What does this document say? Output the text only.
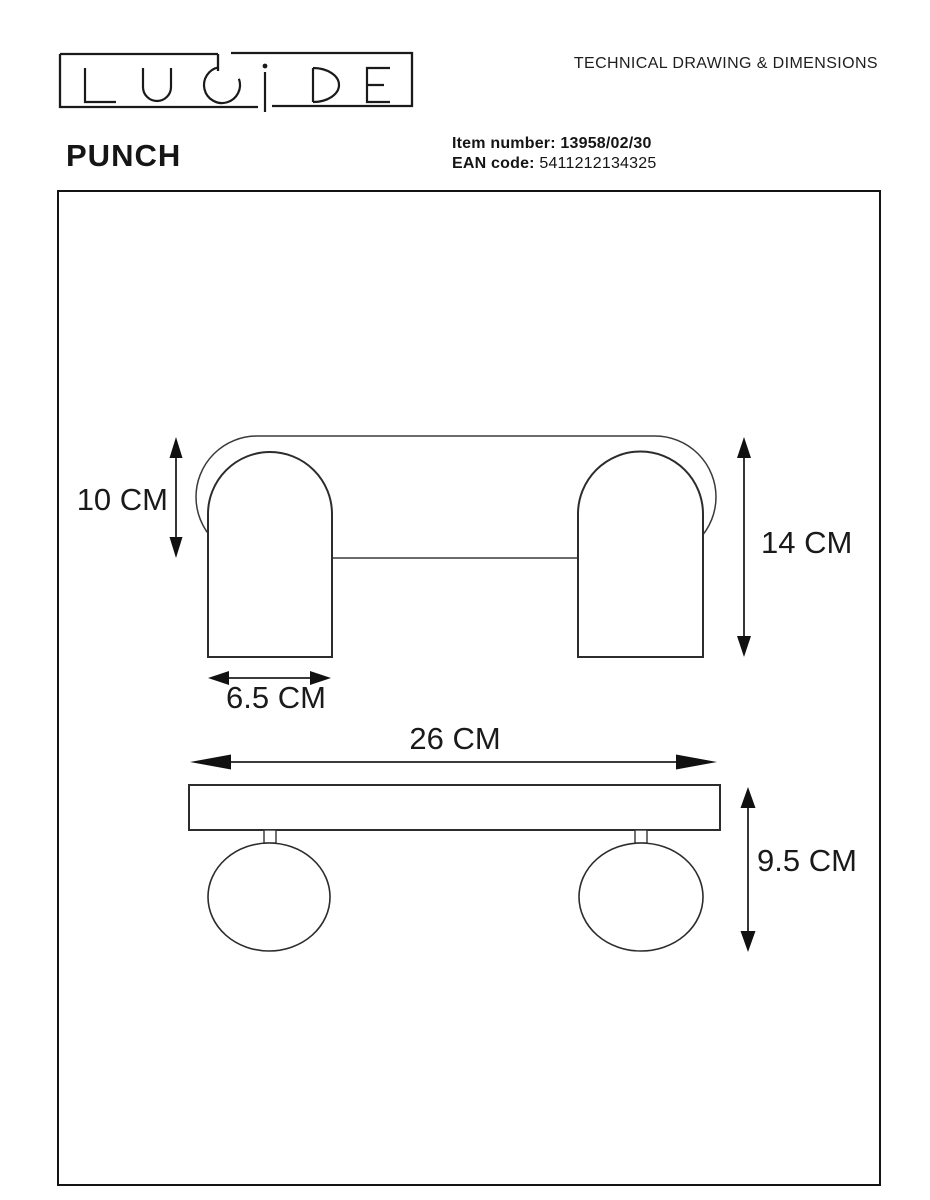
TECHNICAL DRAWING & DIMENSIONS
PUNCH	Item number: 13958/02/30
EAN code: 5411212134325
10 CM
14 CM
6.5 CM
26 CM
9.5 CM
